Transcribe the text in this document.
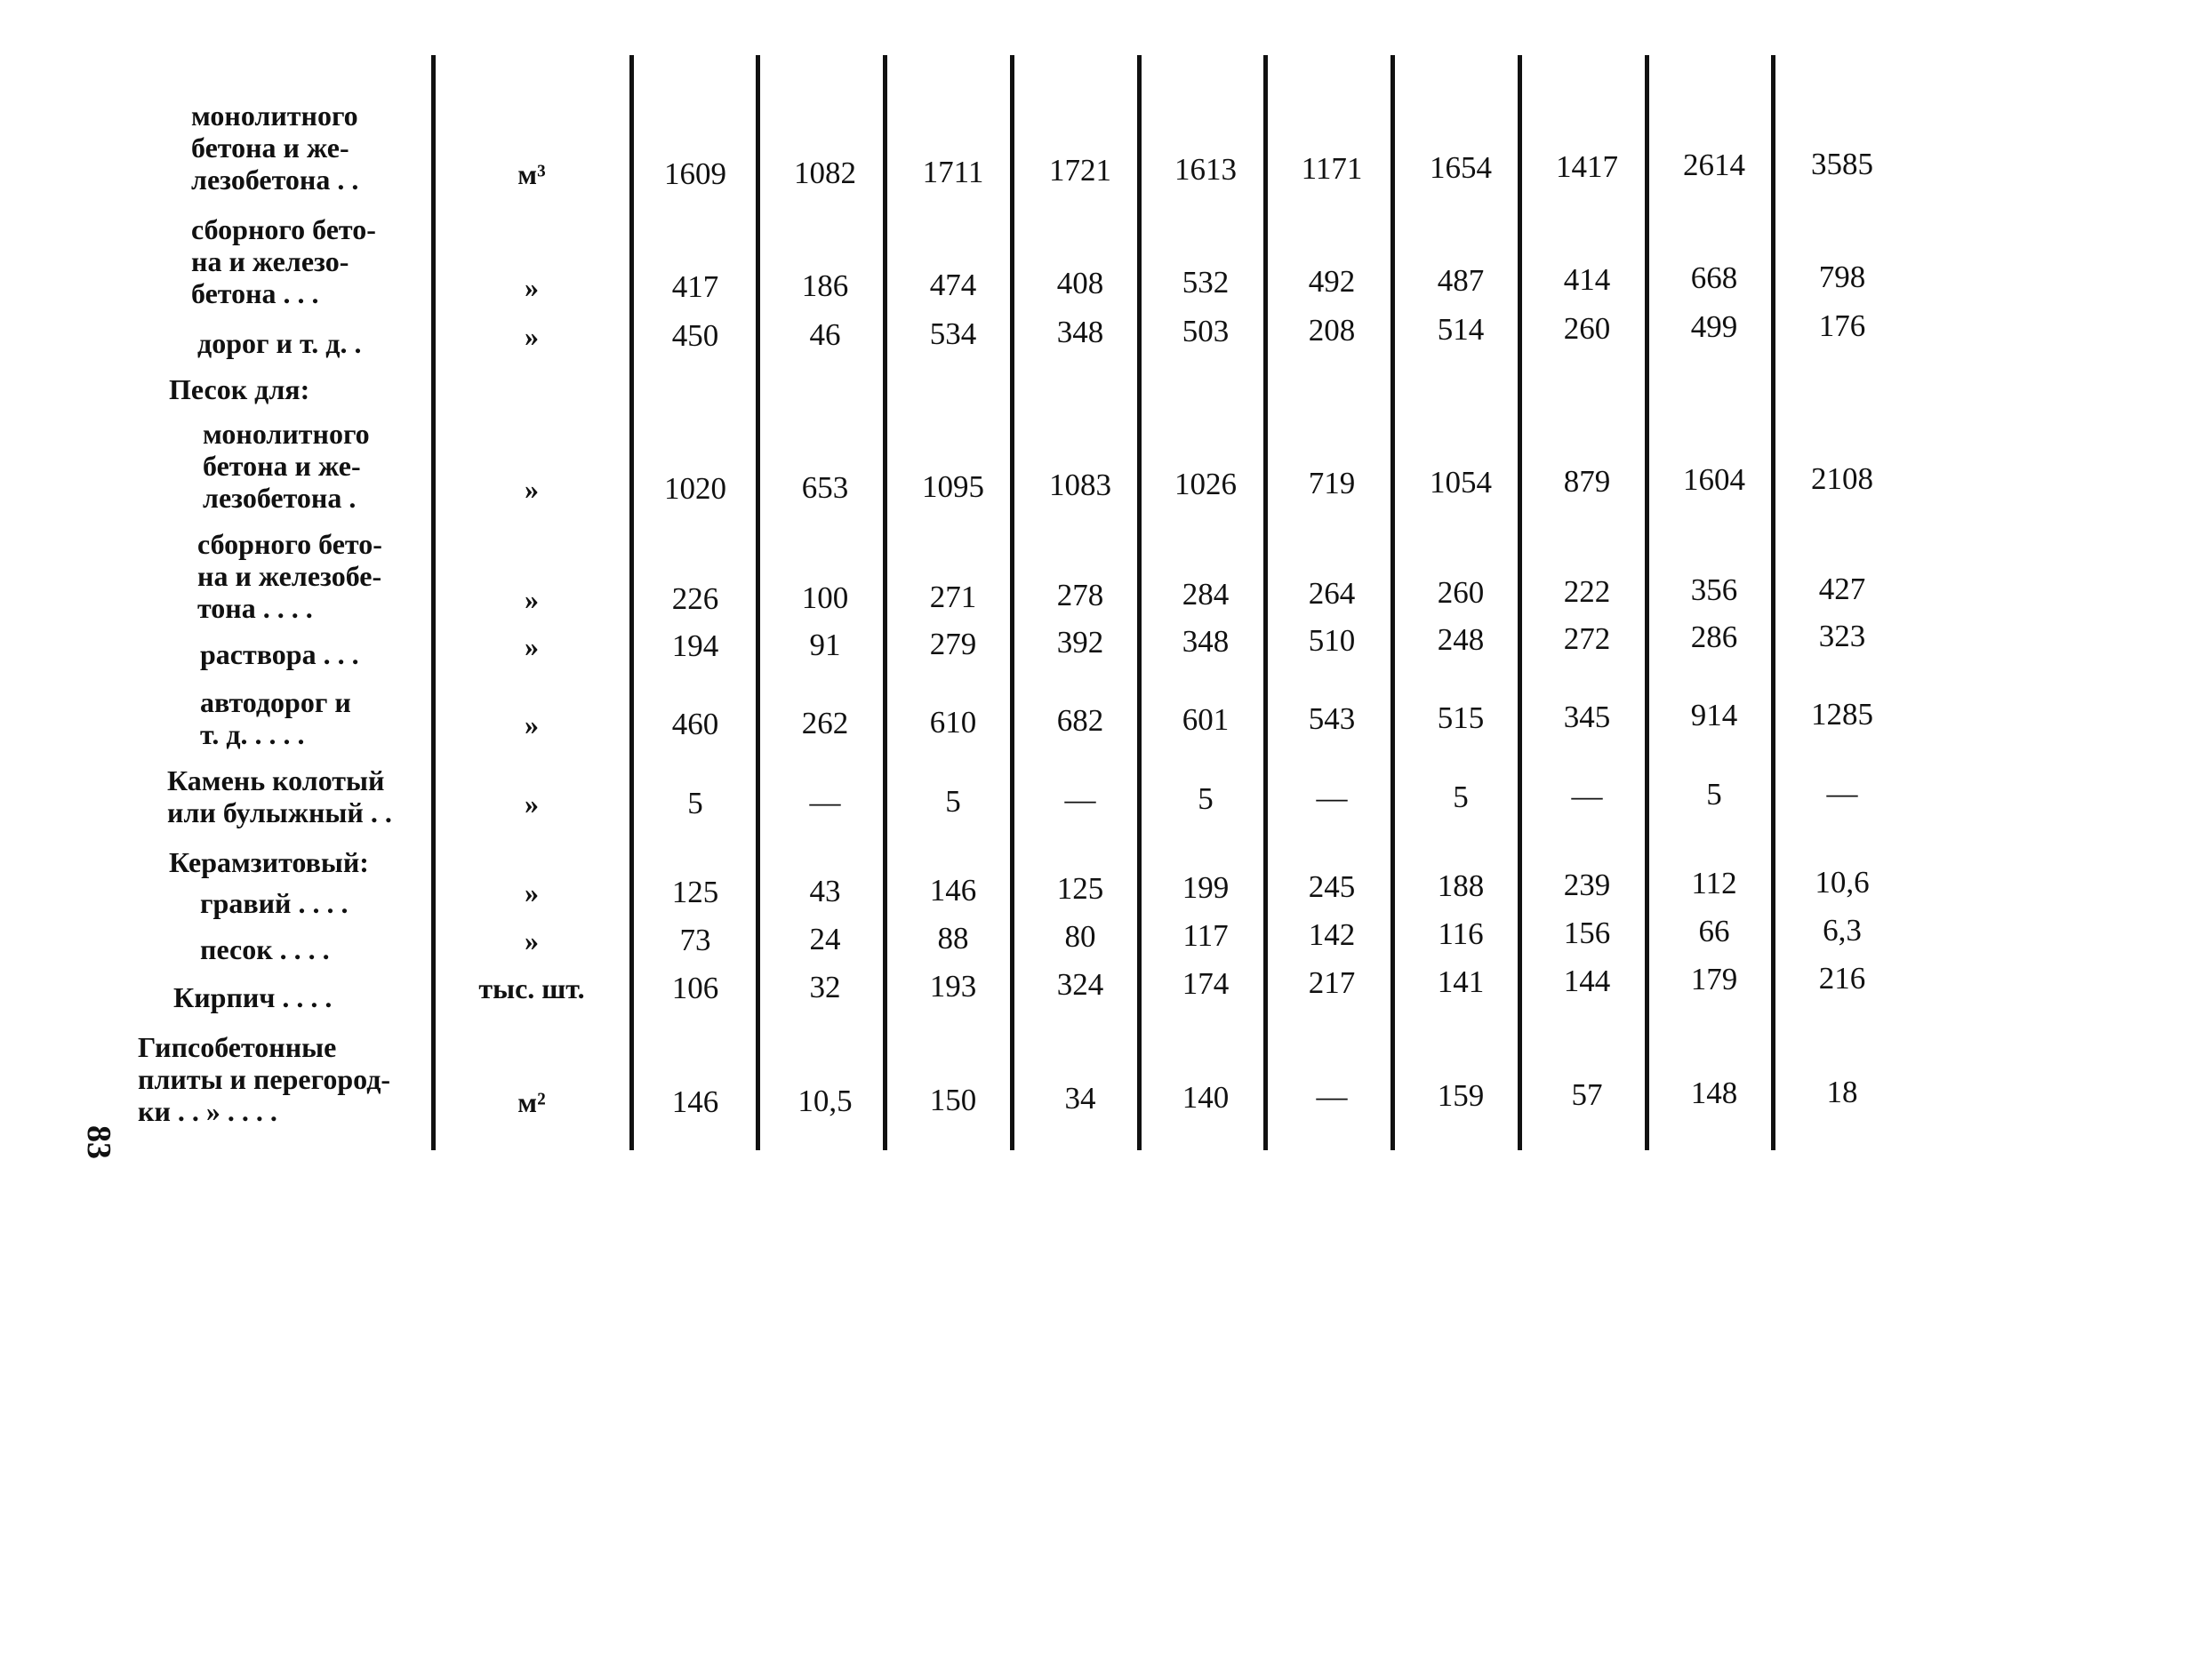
монолитного
бетона и же-
лезобетона . .	м³	1609	1082	1711	1721	1613	1171	1654	1417	2614	3585
сборного бето-
на и железо-
бетона . . .	»	417	186	474	408	532	492	487	414	668	798
дорог и т. д. .	»	450	46	534	348	503	208	514	260	499	176
Песок для:
монолитного
бетона и же-
лезобетона .	»	1020	653	1095	1083	1026	719	1054	879	1604	2108
сборного бето-
на и железобе-
тона . . . .	»	226	100	271	278	284	264	260	222	356	427
раствора . . .	»	194	91	279	392	348	510	248	272	286	323
автодорог и
т. д. . . . .	»	460	262	610	682	601	543	515	345	914	1285
Камень колотый
или булыжный . .	»	5	—	5	—	5	—	5	—	5	—
Керамзитовый:
гравий . . . .	»	125	43	146	125	199	245	188	239	112	10,6
песок . . . .	»	73	24	88	80	117	142	116	156	66	6,3
Кирпич . . . .	тыс. шт.	106	32	193	324	174	217	141	144	179	216
Гипсобетонные
плиты и перегород-
ки . . » . . . .	м²	146	10,5	150	34	140	—	159	57	148	18
83
